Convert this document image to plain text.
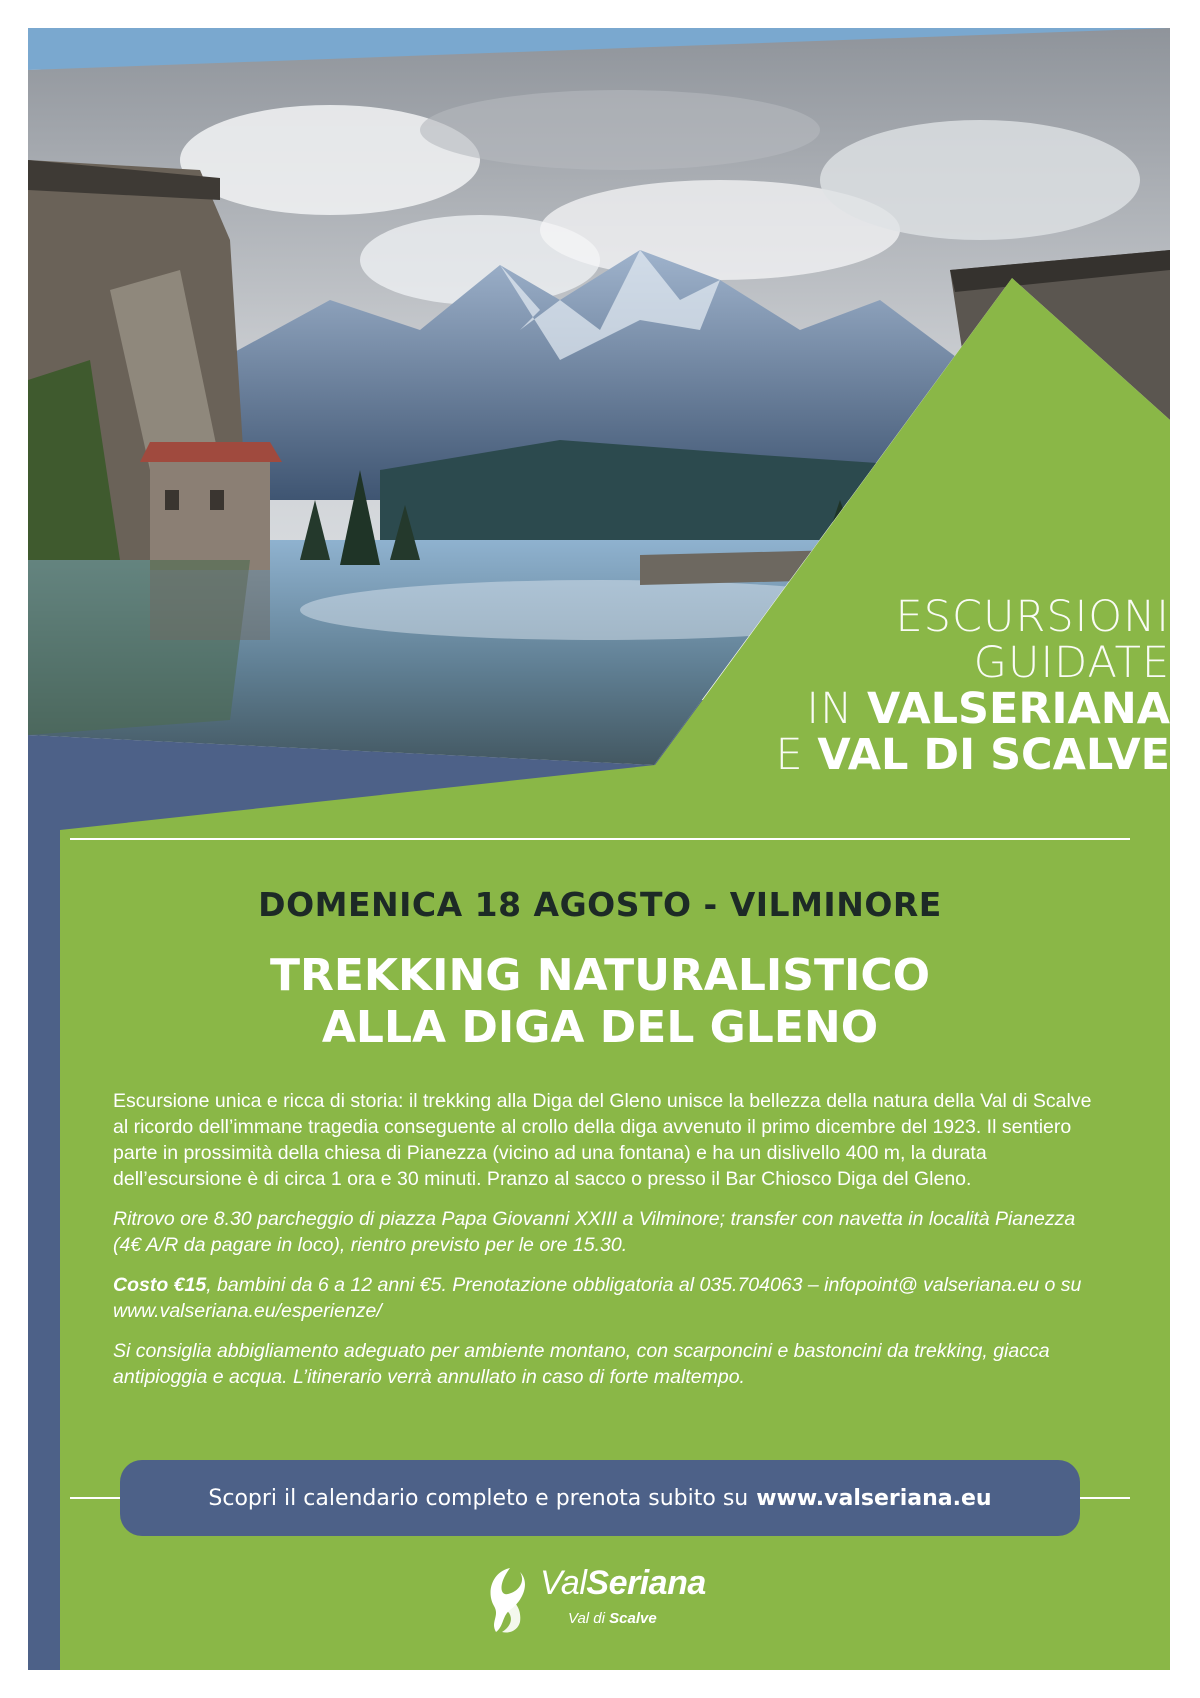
ESCURSIONI
GUIDATE
IN VALSERIANA
E VAL DI SCALVE
DOMENICA 18 AGOSTO - VILMINORE
TREKKING NATURALISTICO
ALLA DIGA DEL GLENO

Escursione unica e ricca di storia: il trekking alla Diga del Gleno unisce la bellezza della natura della Val di Scalve al ricordo dell’immane tragedia conseguente al crollo della diga avvenuto il primo dicembre del 1923. Il sentiero parte in prossimità della chiesa di Pianezza (vicino ad una fontana) e ha un dislivello 400 m, la durata dell’escursione è di circa 1 ora e 30 minuti. Pranzo al sacco o presso il Bar Chiosco Diga del Gleno.

Ritrovo ore 8.30 parcheggio di piazza Papa Giovanni XXIII a Vilminore; transfer con navetta in località Pianezza (4€ A/R da pagare in loco), rientro previsto per le ore 15.30.

Costo €15, bambini da 6 a 12 anni €5. Prenotazione obbligatoria al 035.704063 – infopoint@ valseriana.eu o su www.valseriana.eu/esperienze/

Si consiglia abbigliamento adeguato per ambiente montano, con scarponcini e bastoncini da trekking, giacca antipioggia e acqua. L’itinerario verrà annullato in caso di forte maltempo.

Scopri il calendario completo e prenota subito su www.valseriana.eu
ValSeriana
Val di Scalve
